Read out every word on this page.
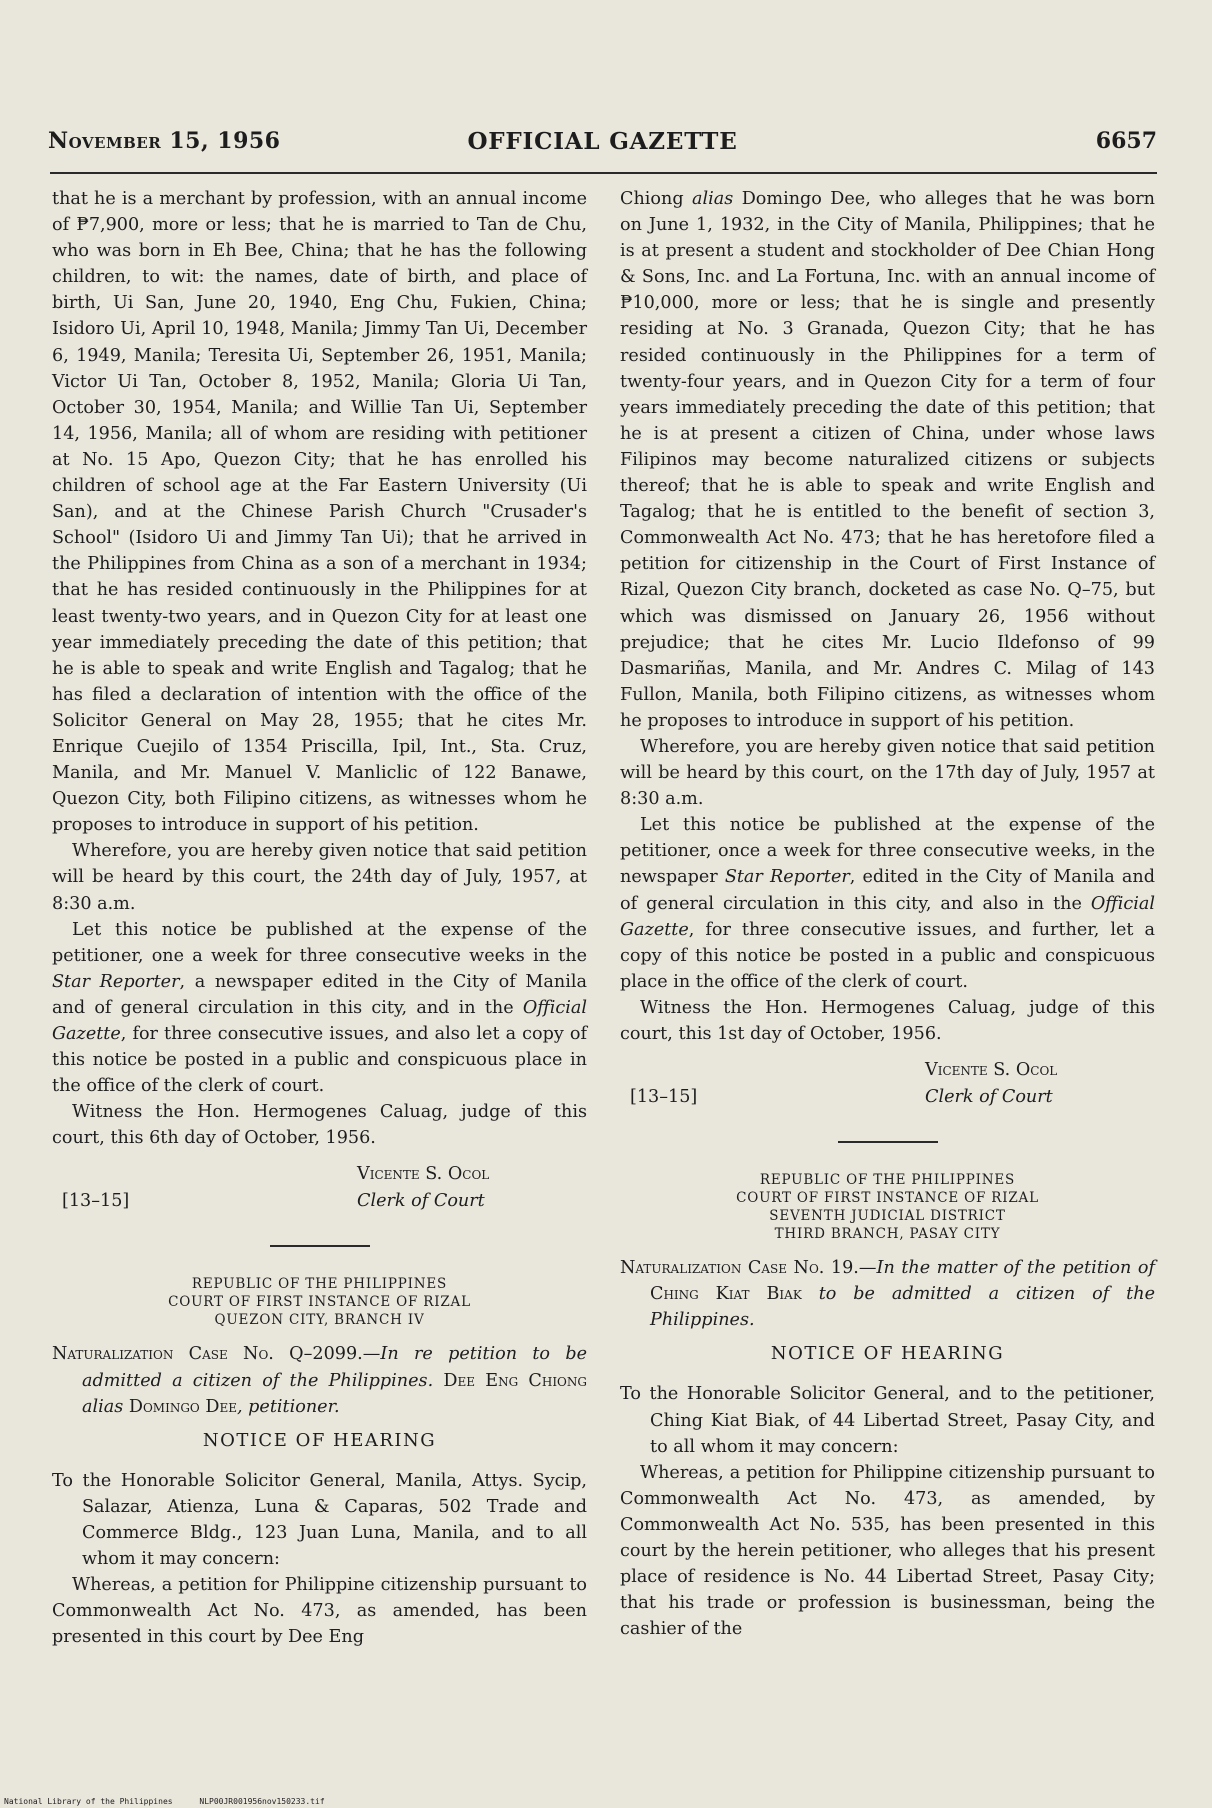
November 15, 1956	OFFICIAL GAZETTE	6657

that he is a merchant by profession, with an annual income of ₱7,900, more or less; that he is married to Tan de Chu, who was born in Eh Bee, China; that he has the following children, to wit: the names, date of birth, and place of birth, Ui San, June 20, 1940, Eng Chu, Fukien, China; Isidoro Ui, April 10, 1948, Manila; Jimmy Tan Ui, December 6, 1949, Manila; Teresita Ui, September 26, 1951, Manila; Victor Ui Tan, October 8, 1952, Manila; Gloria Ui Tan, October 30, 1954, Manila; and Willie Tan Ui, September 14, 1956, Manila; all of whom are residing with petitioner at No. 15 Apo, Quezon City; that he has enrolled his children of school age at the Far Eastern University (Ui San), and at the Chinese Parish Church "Crusader's School" (Isidoro Ui and Jimmy Tan Ui); that he arrived in the Philippines from China as a son of a merchant in 1934; that he has resided continuously in the Philippines for at least twenty-two years, and in Quezon City for at least one year immediately preceding the date of this petition; that he is able to speak and write English and Tagalog; that he has filed a declaration of intention with the office of the Solicitor General on May 28, 1955; that he cites Mr. Enrique Cuejilo of 1354 Priscilla, Ipil, Int., Sta. Cruz, Manila, and Mr. Manuel V. Manliclic of 122 Banawe, Quezon City, both Filipino citizens, as witnesses whom he proposes to introduce in support of his petition.

Wherefore, you are hereby given notice that said petition will be heard by this court, the 24th day of July, 1957, at 8:30 a.m.

Let this notice be published at the expense of the petitioner, one a week for three consecutive weeks in the Star Reporter, a newspaper edited in the City of Manila and of general circulation in this city, and in the Official Gazette, for three consecutive issues, and also let a copy of this notice be posted in a public and conspicuous place in the office of the clerk of court.

Witness the Hon. Hermogenes Caluag, judge of this court, this 6th day of October, 1956.

Vicente S. Ocol
[13–15]	Clerk of Court
REPUBLIC OF THE PHILIPPINES
COURT OF FIRST INSTANCE OF RIZAL
QUEZON CITY, BRANCH IV

Naturalization Case No. Q–2099.—In re petition to be admitted a citizen of the Philippines. Dee Eng Chiong alias Domingo Dee, petitioner.

NOTICE OF HEARING

To the Honorable Solicitor General, Manila, Attys. Sycip, Salazar, Atienza, Luna & Caparas, 502 Trade and Commerce Bldg., 123 Juan Luna, Manila, and to all whom it may concern:

Whereas, a petition for Philippine citizenship pursuant to Commonwealth Act No. 473, as amended, has been presented in this court by Dee Eng

Chiong alias Domingo Dee, who alleges that he was born on June 1, 1932, in the City of Manila, Philippines; that he is at present a student and stockholder of Dee Chian Hong & Sons, Inc. and La Fortuna, Inc. with an annual income of ₱10,000, more or less; that he is single and presently residing at No. 3 Granada, Quezon City; that he has resided continuously in the Philippines for a term of twenty-four years, and in Quezon City for a term of four years immediately preceding the date of this petition; that he is at present a citizen of China, under whose laws Filipinos may become naturalized citizens or subjects thereof; that he is able to speak and write English and Tagalog; that he is entitled to the benefit of section 3, Commonwealth Act No. 473; that he has heretofore filed a petition for citizenship in the Court of First Instance of Rizal, Quezon City branch, docketed as case No. Q–75, but which was dismissed on January 26, 1956 without prejudice; that he cites Mr. Lucio Ildefonso of 99 Dasmariñas, Manila, and Mr. Andres C. Milag of 143 Fullon, Manila, both Filipino citizens, as witnesses whom he proposes to introduce in support of his petition.

Wherefore, you are hereby given notice that said petition will be heard by this court, on the 17th day of July, 1957 at 8:30 a.m.

Let this notice be published at the expense of the petitioner, once a week for three consecutive weeks, in the newspaper Star Reporter, edited in the City of Manila and of general circulation in this city, and also in the Official Gazette, for three consecutive issues, and further, let a copy of this notice be posted in a public and conspicuous place in the office of the clerk of court.

Witness the Hon. Hermogenes Caluag, judge of this court, this 1st day of October, 1956.

Vicente S. Ocol
[13–15]	Clerk of Court
REPUBLIC OF THE PHILIPPINES
COURT OF FIRST INSTANCE OF RIZAL
SEVENTH JUDICIAL DISTRICT
THIRD BRANCH, PASAY CITY

Naturalization Case No. 19.—In the matter of the petition of Ching Kiat Biak to be admitted a citizen of the Philippines.

NOTICE OF HEARING

To the Honorable Solicitor General, and to the petitioner, Ching Kiat Biak, of 44 Libertad Street, Pasay City, and to all whom it may concern:

Whereas, a petition for Philippine citizenship pursuant to Commonwealth Act No. 473, as amended, by Commonwealth Act No. 535, has been presented in this court by the herein petitioner, who alleges that his present place of residence is No. 44 Libertad Street, Pasay City; that his trade or profession is businessman, being the cashier of the

National Library of the Philippines	NLP00JR001956nov150233.tif
